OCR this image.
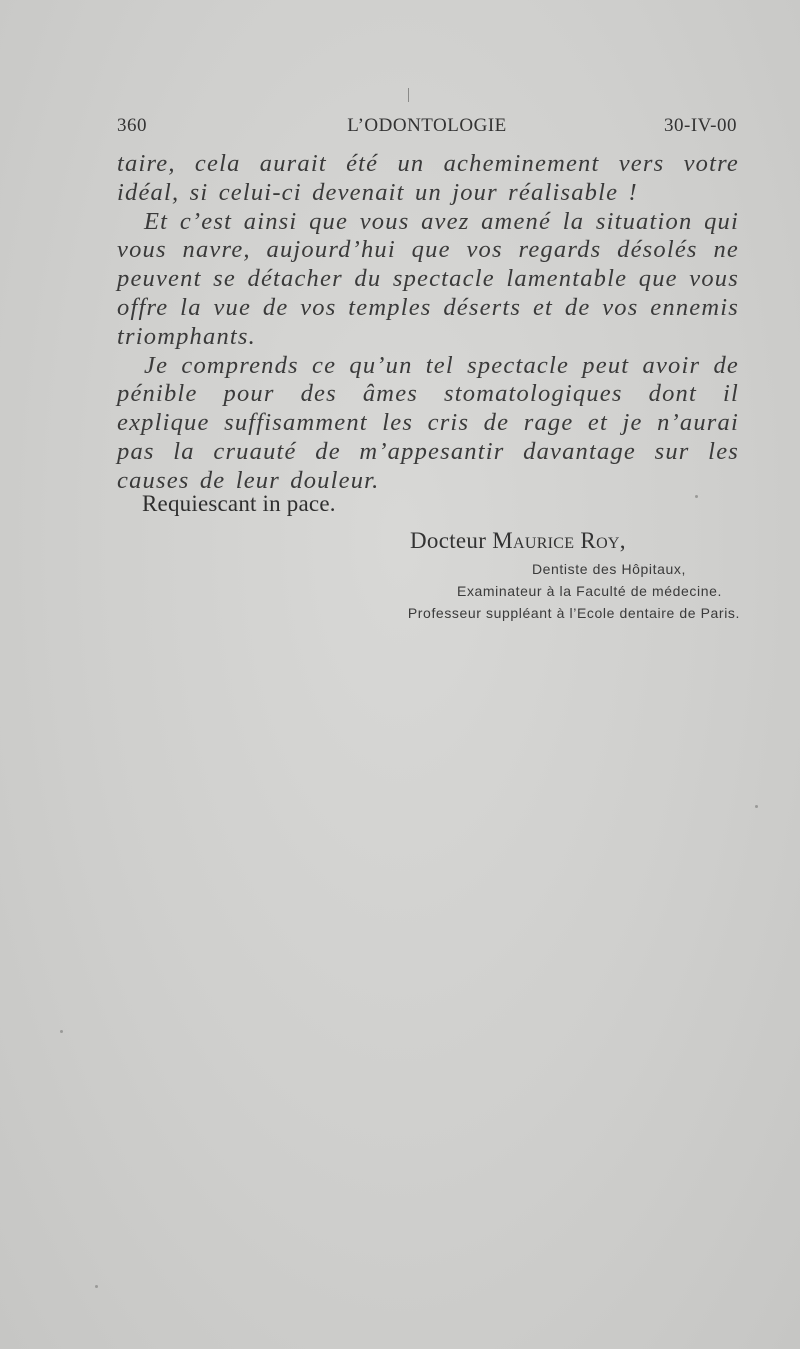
360	L’ODONTOLOGIE	30-IV-00

taire, cela aurait été un acheminement vers votre idéal, si celui-ci devenait un jour réalisable !

Et c’est ainsi que vous avez amené la situation qui vous navre, aujourd’hui que vos regards désolés ne peuvent se détacher du spectacle lamentable que vous offre la vue de vos temples déserts et de vos ennemis triomphants.

Je comprends ce qu’un tel spectacle peut avoir de pénible pour des âmes stomatologiques dont il explique suffisamment les cris de rage et je n’aurai pas la cruauté de m’appesantir davantage sur les causes de leur douleur.

Requiescant in pace.
Docteur Maurice Roy,
Dentiste des Hôpitaux,
Examinateur à la Faculté de médecine.
Professeur suppléant à l’Ecole dentaire de Paris.
